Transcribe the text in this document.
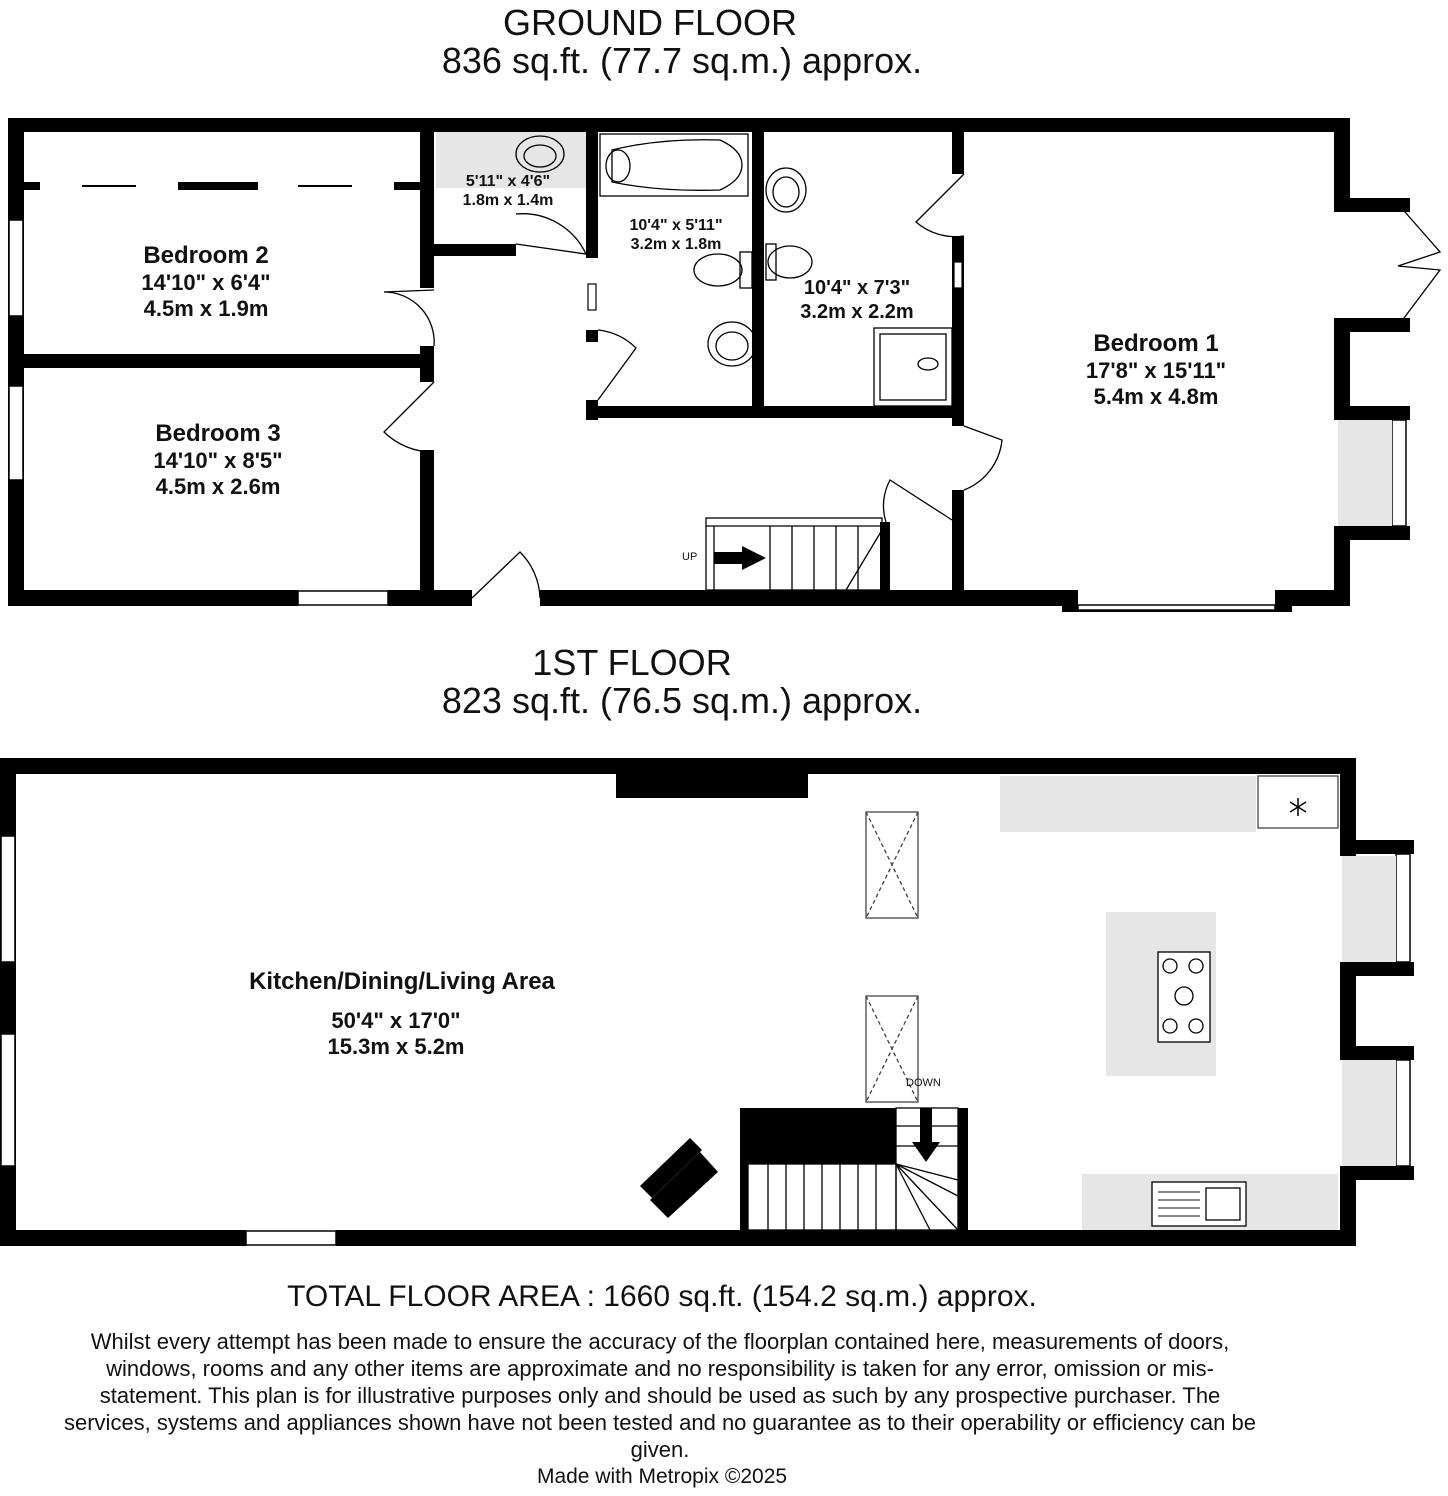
GROUND FLOOR
836 sq.ft. (77.7 sq.m.) approx.
1ST FLOOR
823 sq.ft. (76.5 sq.m.) approx.
Bedroom 2
14'10" x 6'4"
4.5m x 1.9m
Bedroom 3
14'10" x 8'5"
4.5m x 2.6m
Bedroom 1
17'8" x 15'11"
5.4m x 4.8m
5'11" x 4'6"
1.8m x 1.4m
10'4" x 5'11"
3.2m x 1.8m
10'4" x 7'3"
3.2m x 2.2m
UP
Kitchen/Dining/Living Area
50'4" x 17'0"
15.3m x 5.2m
DOWN
TOTAL FLOOR AREA : 1660 sq.ft. (154.2 sq.m.) approx.
Whilst every attempt has been made to ensure the accuracy of the floorplan contained here, measurements of doors, windows, rooms and any other items are approximate and no responsibility is taken for any error, omission or mis-statement. This plan is for illustrative purposes only and should be used as such by any prospective purchaser. The services, systems and appliances shown have not been tested and no guarantee as to their operability or efficiency can be given.
Made with Metropix ©2025
